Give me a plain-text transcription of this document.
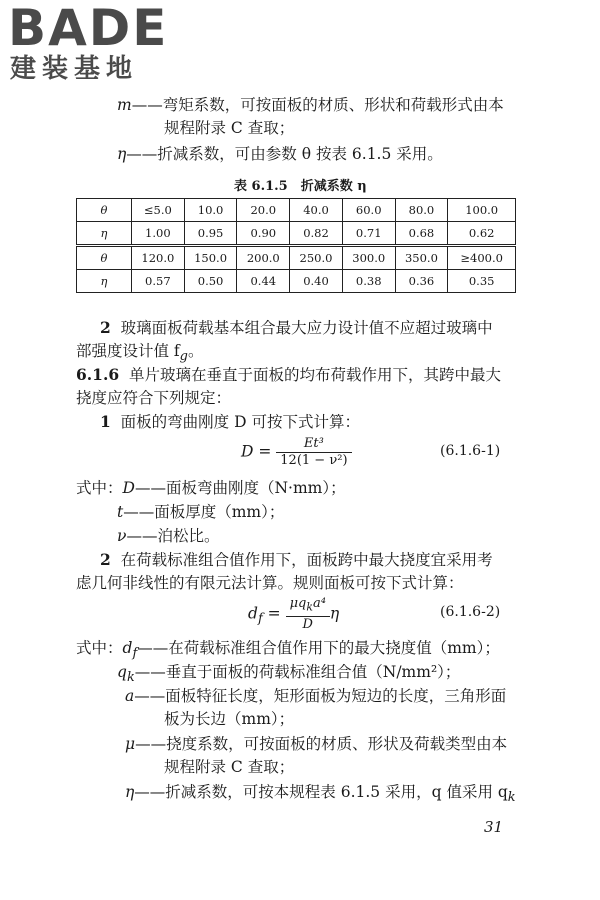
BADE
建装基地
m——弯矩系数，可按面板的材质、形状和荷载形式由本
规程附录 C 查取；
η——折减系数，可由参数 θ 按表 6.1.5 采用。
表 6.1.5　折减系数 η
θ	≤5.0	10.0	20.0	40.0	60.0	80.0	100.0
η	1.00	0.95	0.90	0.82	0.71	0.68	0.62
θ	120.0	150.0	200.0	250.0	300.0	350.0	≥400.0
η	0.57	0.50	0.44	0.40	0.38	0.36	0.35
2 玻璃面板荷载基本组合最大应力设计值不应超过玻璃中
部强度设计值 $f_g$。
6.1.6 单片玻璃在垂直于面板的均布荷载作用下，其跨中最大
挠度应符合下列规定：
1 面板的弯曲刚度 D 可按下式计算：
$D = \frac{\text{Et³}}{\text{12(1 − ν²)}}$	(6.1.6-1)
式中：D——面板弯曲刚度（N·mm）；
t——面板厚度（mm）；
ν——泊松比。
2 在荷载标准组合值作用下，面板跨中最大挠度宜采用考
虑几何非线性的有限元法计算。规则面板可按下式计算：
$d_f = \frac{\mu q_ka^4}{D}$ η	(6.1.6-2)
式中：$d_f——$在荷载标准组合值作用下的最大挠度值（mm）；
$q_k——$垂直于面板的荷载标准组合值（N/mm²）；
a——面板特征长度，矩形面板为短边的长度，三角形面
板为长边（mm）；
μ——挠度系数，可按面板的材质、形状及荷载类型由本
规程附录 C 查取；
η——折减系数，可按本规程表 6.1.5 采用，q 值采用 $q_k$
31
